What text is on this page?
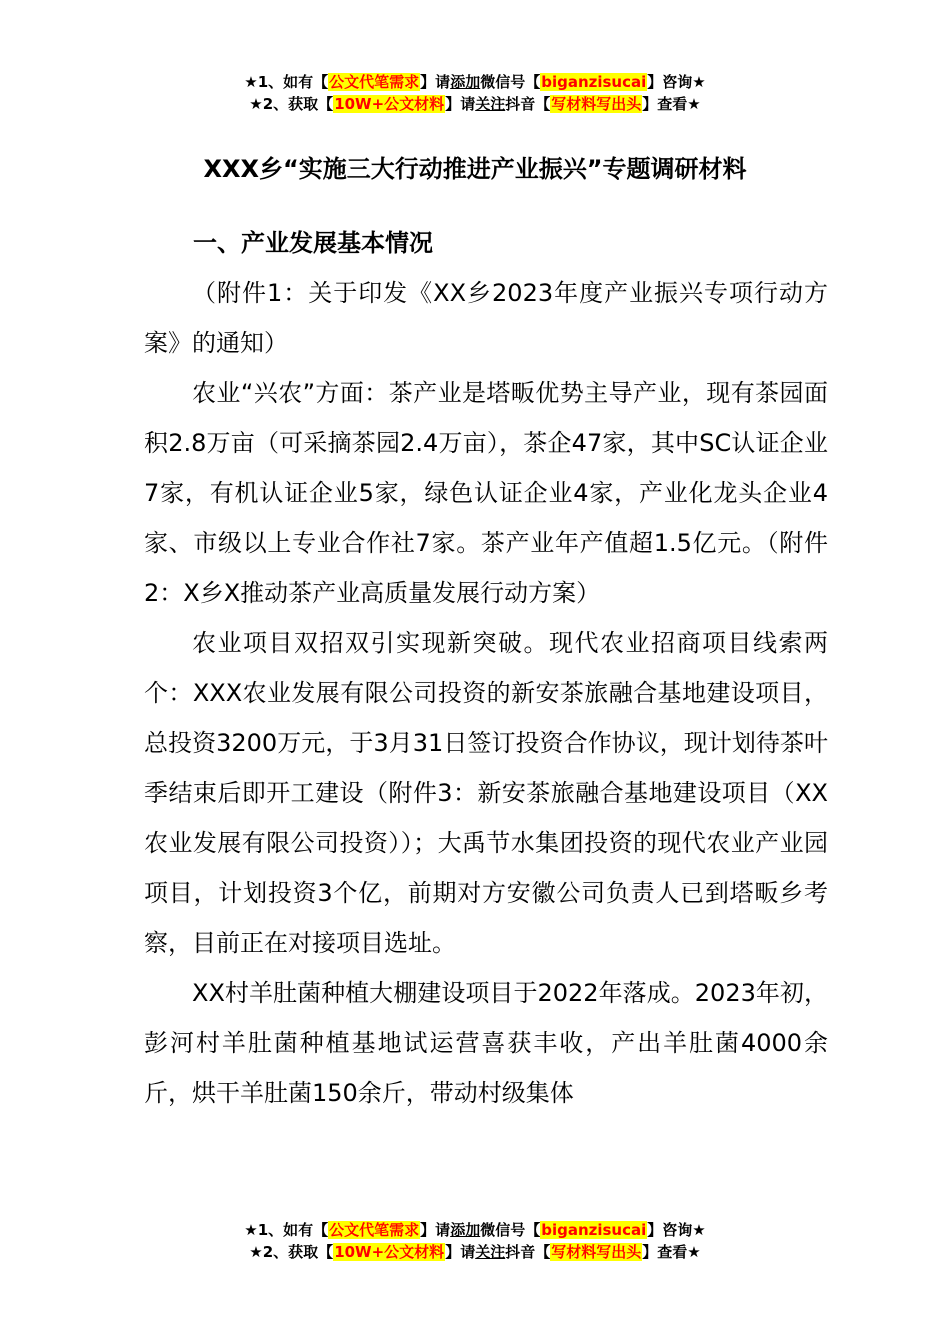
★1、如有【公文代笔需求】请添加微信号【biganzisucai】咨询★
★2、获取【10W+公文材料】请关注抖音【写材料写出头】查看★
XXX乡“实施三大行动推进产业振兴”专题调研材料
一、产业发展基本情况

（附件1：关于印发《XX乡2023年度产业振兴专项行动方案》的通知）

农业“兴农”方面：茶产业是塔畈优势主导产业，现有茶园面积2.8万亩（可采摘茶园2.4万亩），茶企47家，其中SC认证企业7家，有机认证企业5家，绿色认证企业4家，产业化龙头企业4家、市级以上专业合作社7家。茶产业年产值超1.5亿元。（附件2：X乡X推动茶产业高质量发展行动方案）

农业项目双招双引实现新突破。现代农业招商项目线索两个：XXX农业发展有限公司投资的新安茶旅融合基地建设项目，总投资3200万元，于3月31日签订投资合作协议，现计划待茶叶季结束后即开工建设（附件3：新安茶旅融合基地建设项目（XX农业发展有限公司投资））；大禹节水集团投资的现代农业产业园项目，计划投资3个亿，前期对方安徽公司负责人已到塔畈乡考察，目前正在对接项目选址。

XX村羊肚菌种植大棚建设项目于2022年落成。2023年初，彭河村羊肚菌种植基地试运营喜获丰收，产出羊肚菌4000余斤，烘干羊肚菌150余斤，带动村级集体

★1、如有【公文代笔需求】请添加微信号【biganzisucai】咨询★
★2、获取【10W+公文材料】请关注抖音【写材料写出头】查看★
